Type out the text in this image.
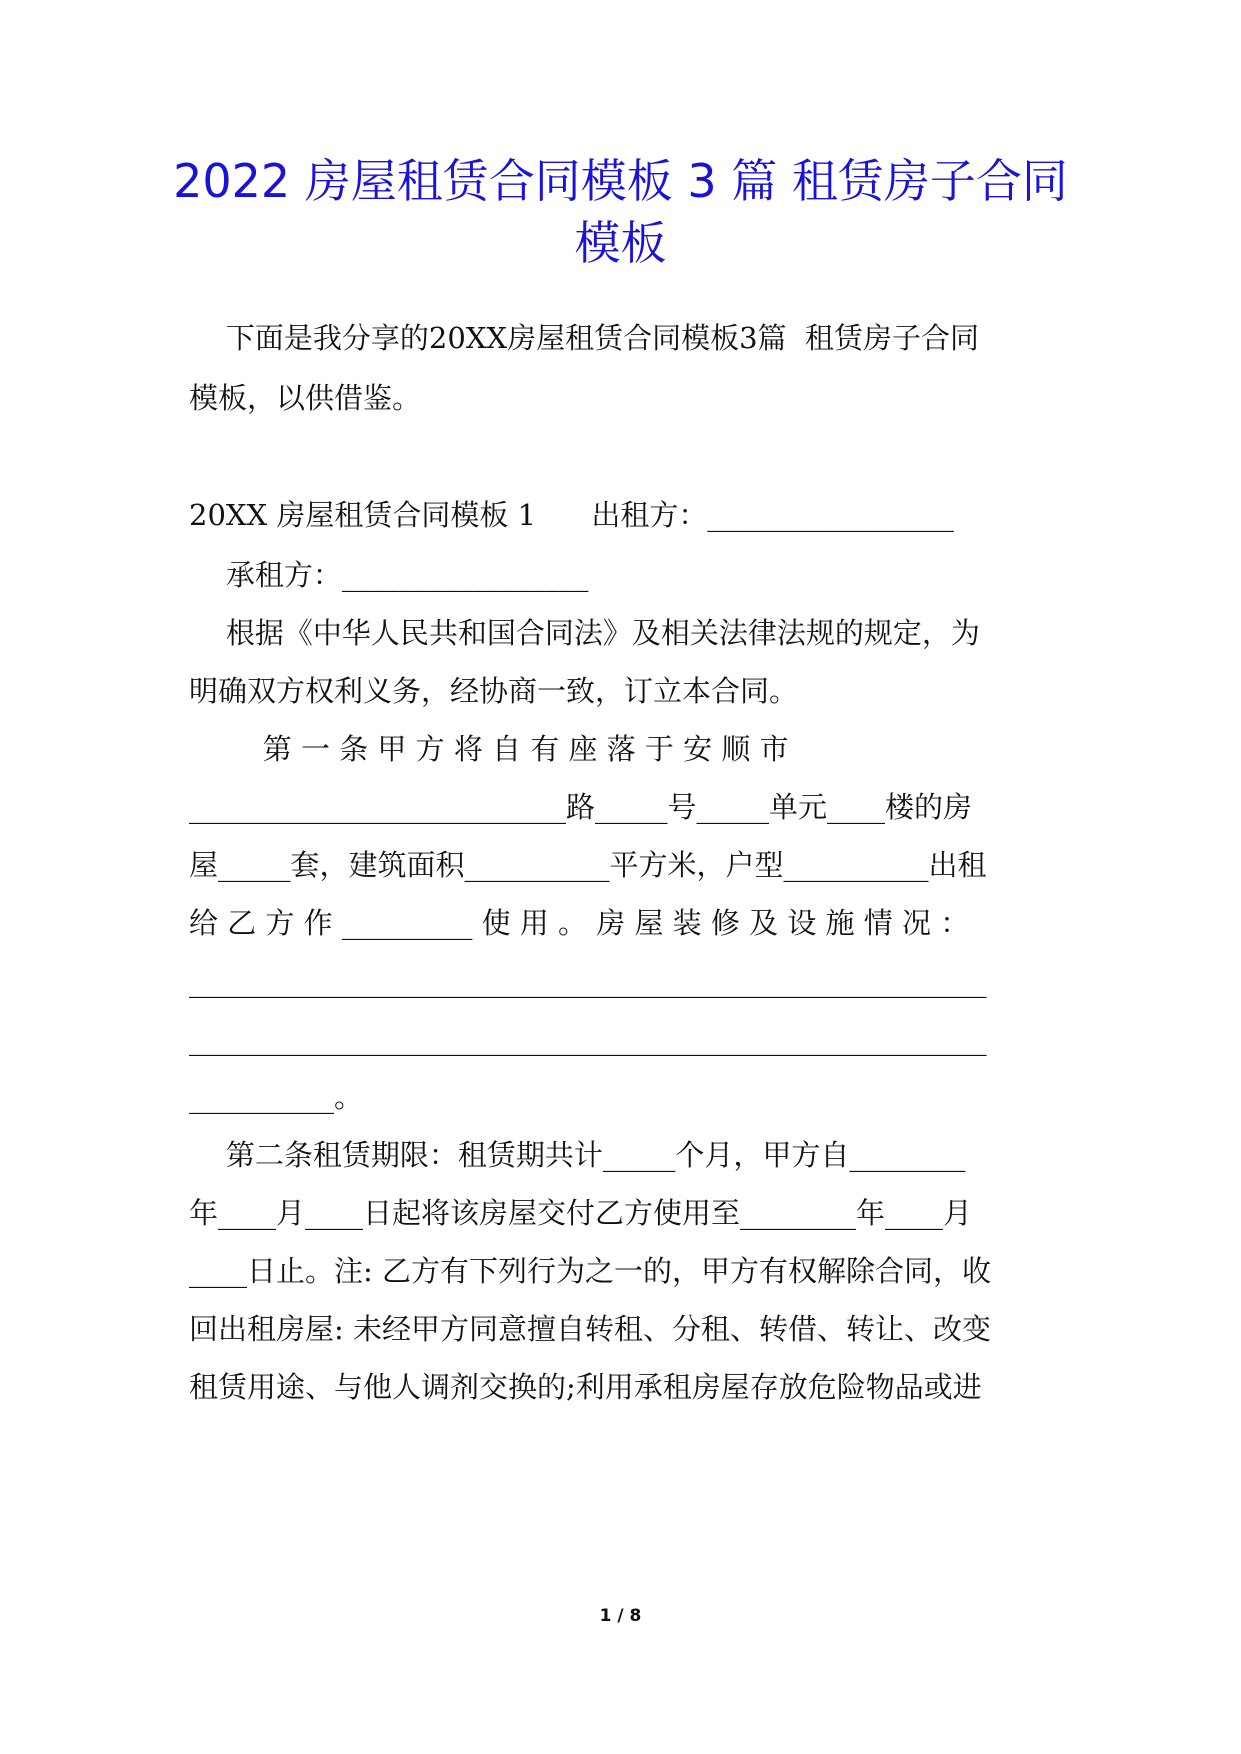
2022 房屋租赁合同模板 3 篇 租赁房子合同
模板
下面是我分享的20XX房屋租赁合同模板3篇  租赁房子合同
模板，以供借鉴。
20XX 房屋租赁合同模板 1      出租方：_________________
承租方：_________________
根据《中华人民共和国合同法》及相关法律法规的规定，为
明确双方权利义务，经协商一致，订立本合同。
第 一 条 甲 方 将 自 有 座 落 于 安 顺 市
__________________________路_____号_____单元____楼的房
屋_____套，建筑面积__________平方米，户型__________出租
给 乙 方 作 _________ 使 用 。 房 屋 装 修 及 设 施 情 况 ：
_______________________________________________________
_______________________________________________________
__________。
第二条租赁期限：租赁期共计_____个月，甲方自________
年____月____日起将该房屋交付乙方使用至________年____月
____日止。注: 乙方有下列行为之一的，甲方有权解除合同，收
回出租房屋: 未经甲方同意擅自转租、分租、转借、转让、改变
租赁用途、与他人调剂交换的;利用承租房屋存放危险物品或进
1 / 8
